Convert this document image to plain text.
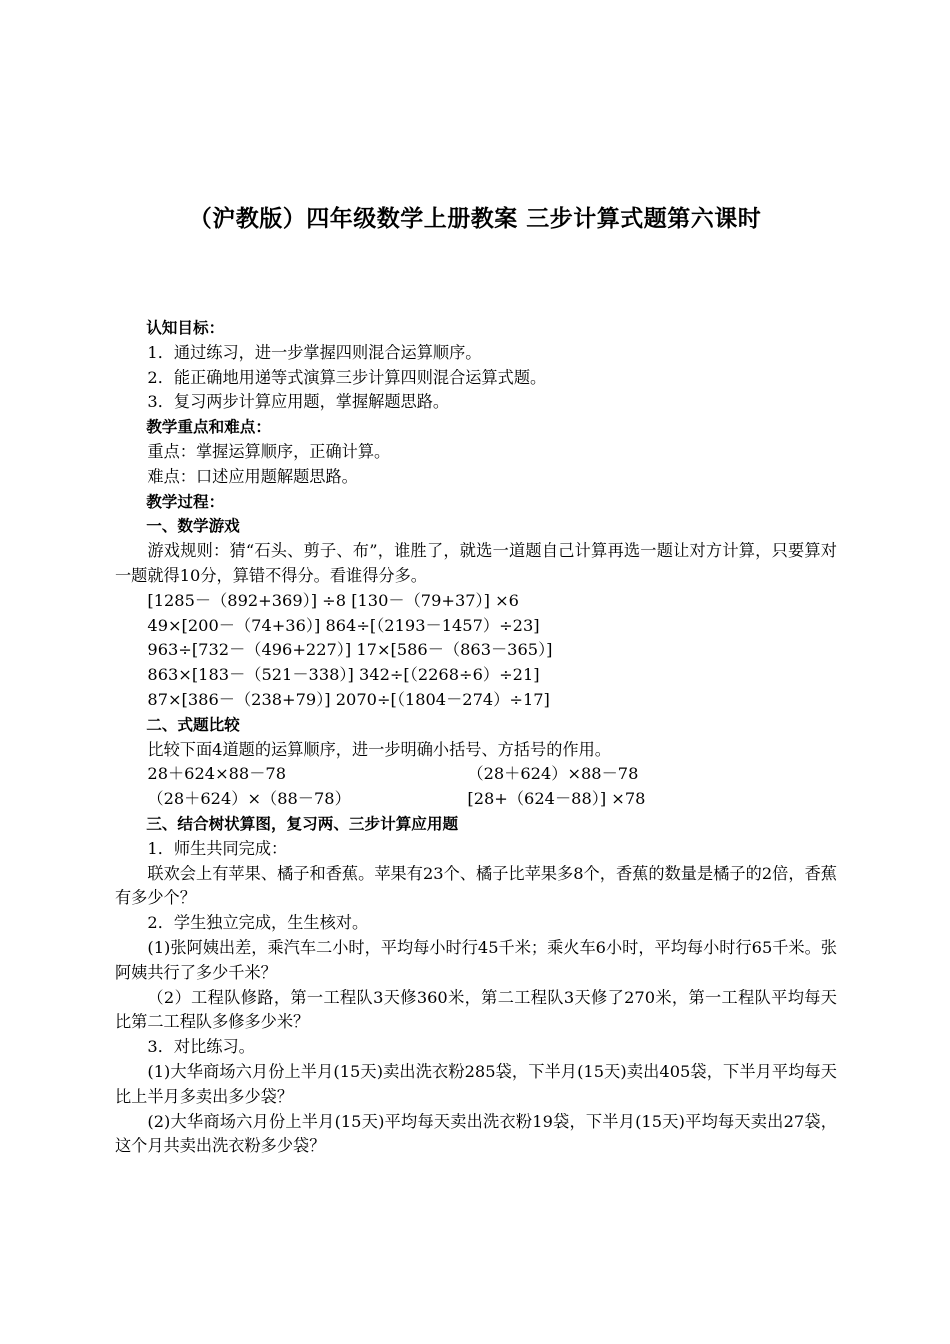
（沪教版）四年级数学上册教案 三步计算式题第六课时

认知目标：

1．通过练习，进一步掌握四则混合运算顺序。

2．能正确地用递等式演算三步计算四则混合运算式题。

3．复习两步计算应用题，掌握解题思路。

教学重点和难点：

重点：掌握运算顺序，正确计算。

难点：口述应用题解题思路。

教学过程：

一、数学游戏

游戏规则：猜“石头、剪子、布”，谁胜了，就选一道题自己计算再选一题让对方计算，只要算对一题就得10分，算错不得分。看谁得分多。

[1285－（892+369）] ÷8 [130－（79+37）] ×6

49×[200－（74+36）] 864÷[（2193－1457）÷23]

963÷[732－（496+227）] 17×[586－（863－365）]

863×[183－（521－338）] 342÷[（2268÷6）÷21]

87×[386－（238+79）] 2070÷[（1804－274）÷17]

二、式题比较

比较下面4道题的运算顺序，进一步明确小括号、方括号的作用。

28＋624×88－78	（28＋624）×88－78
（28＋624）×（88－78）	[28+（624－88）] ×78

三、结合树状算图，复习两、三步计算应用题

1．师生共同完成：

联欢会上有苹果、橘子和香蕉。苹果有23个、橘子比苹果多8个，香蕉的数量是橘子的2倍，香蕉有多少个？

2．学生独立完成，生生核对。

(1)张阿姨出差，乘汽车二小时，平均每小时行45千米；乘火车6小时，平均每小时行65千米。张阿姨共行了多少千米？

（2）工程队修路，第一工程队3天修360米，第二工程队3天修了270米，第一工程队平均每天比第二工程队多修多少米？

3．对比练习。

(1)大华商场六月份上半月(15天)卖出洗衣粉285袋，下半月(15天)卖出405袋，下半月平均每天比上半月多卖出多少袋？

(2)大华商场六月份上半月(15天)平均每天卖出洗衣粉19袋，下半月(15天)平均每天卖出27袋，这个月共卖出洗衣粉多少袋？
